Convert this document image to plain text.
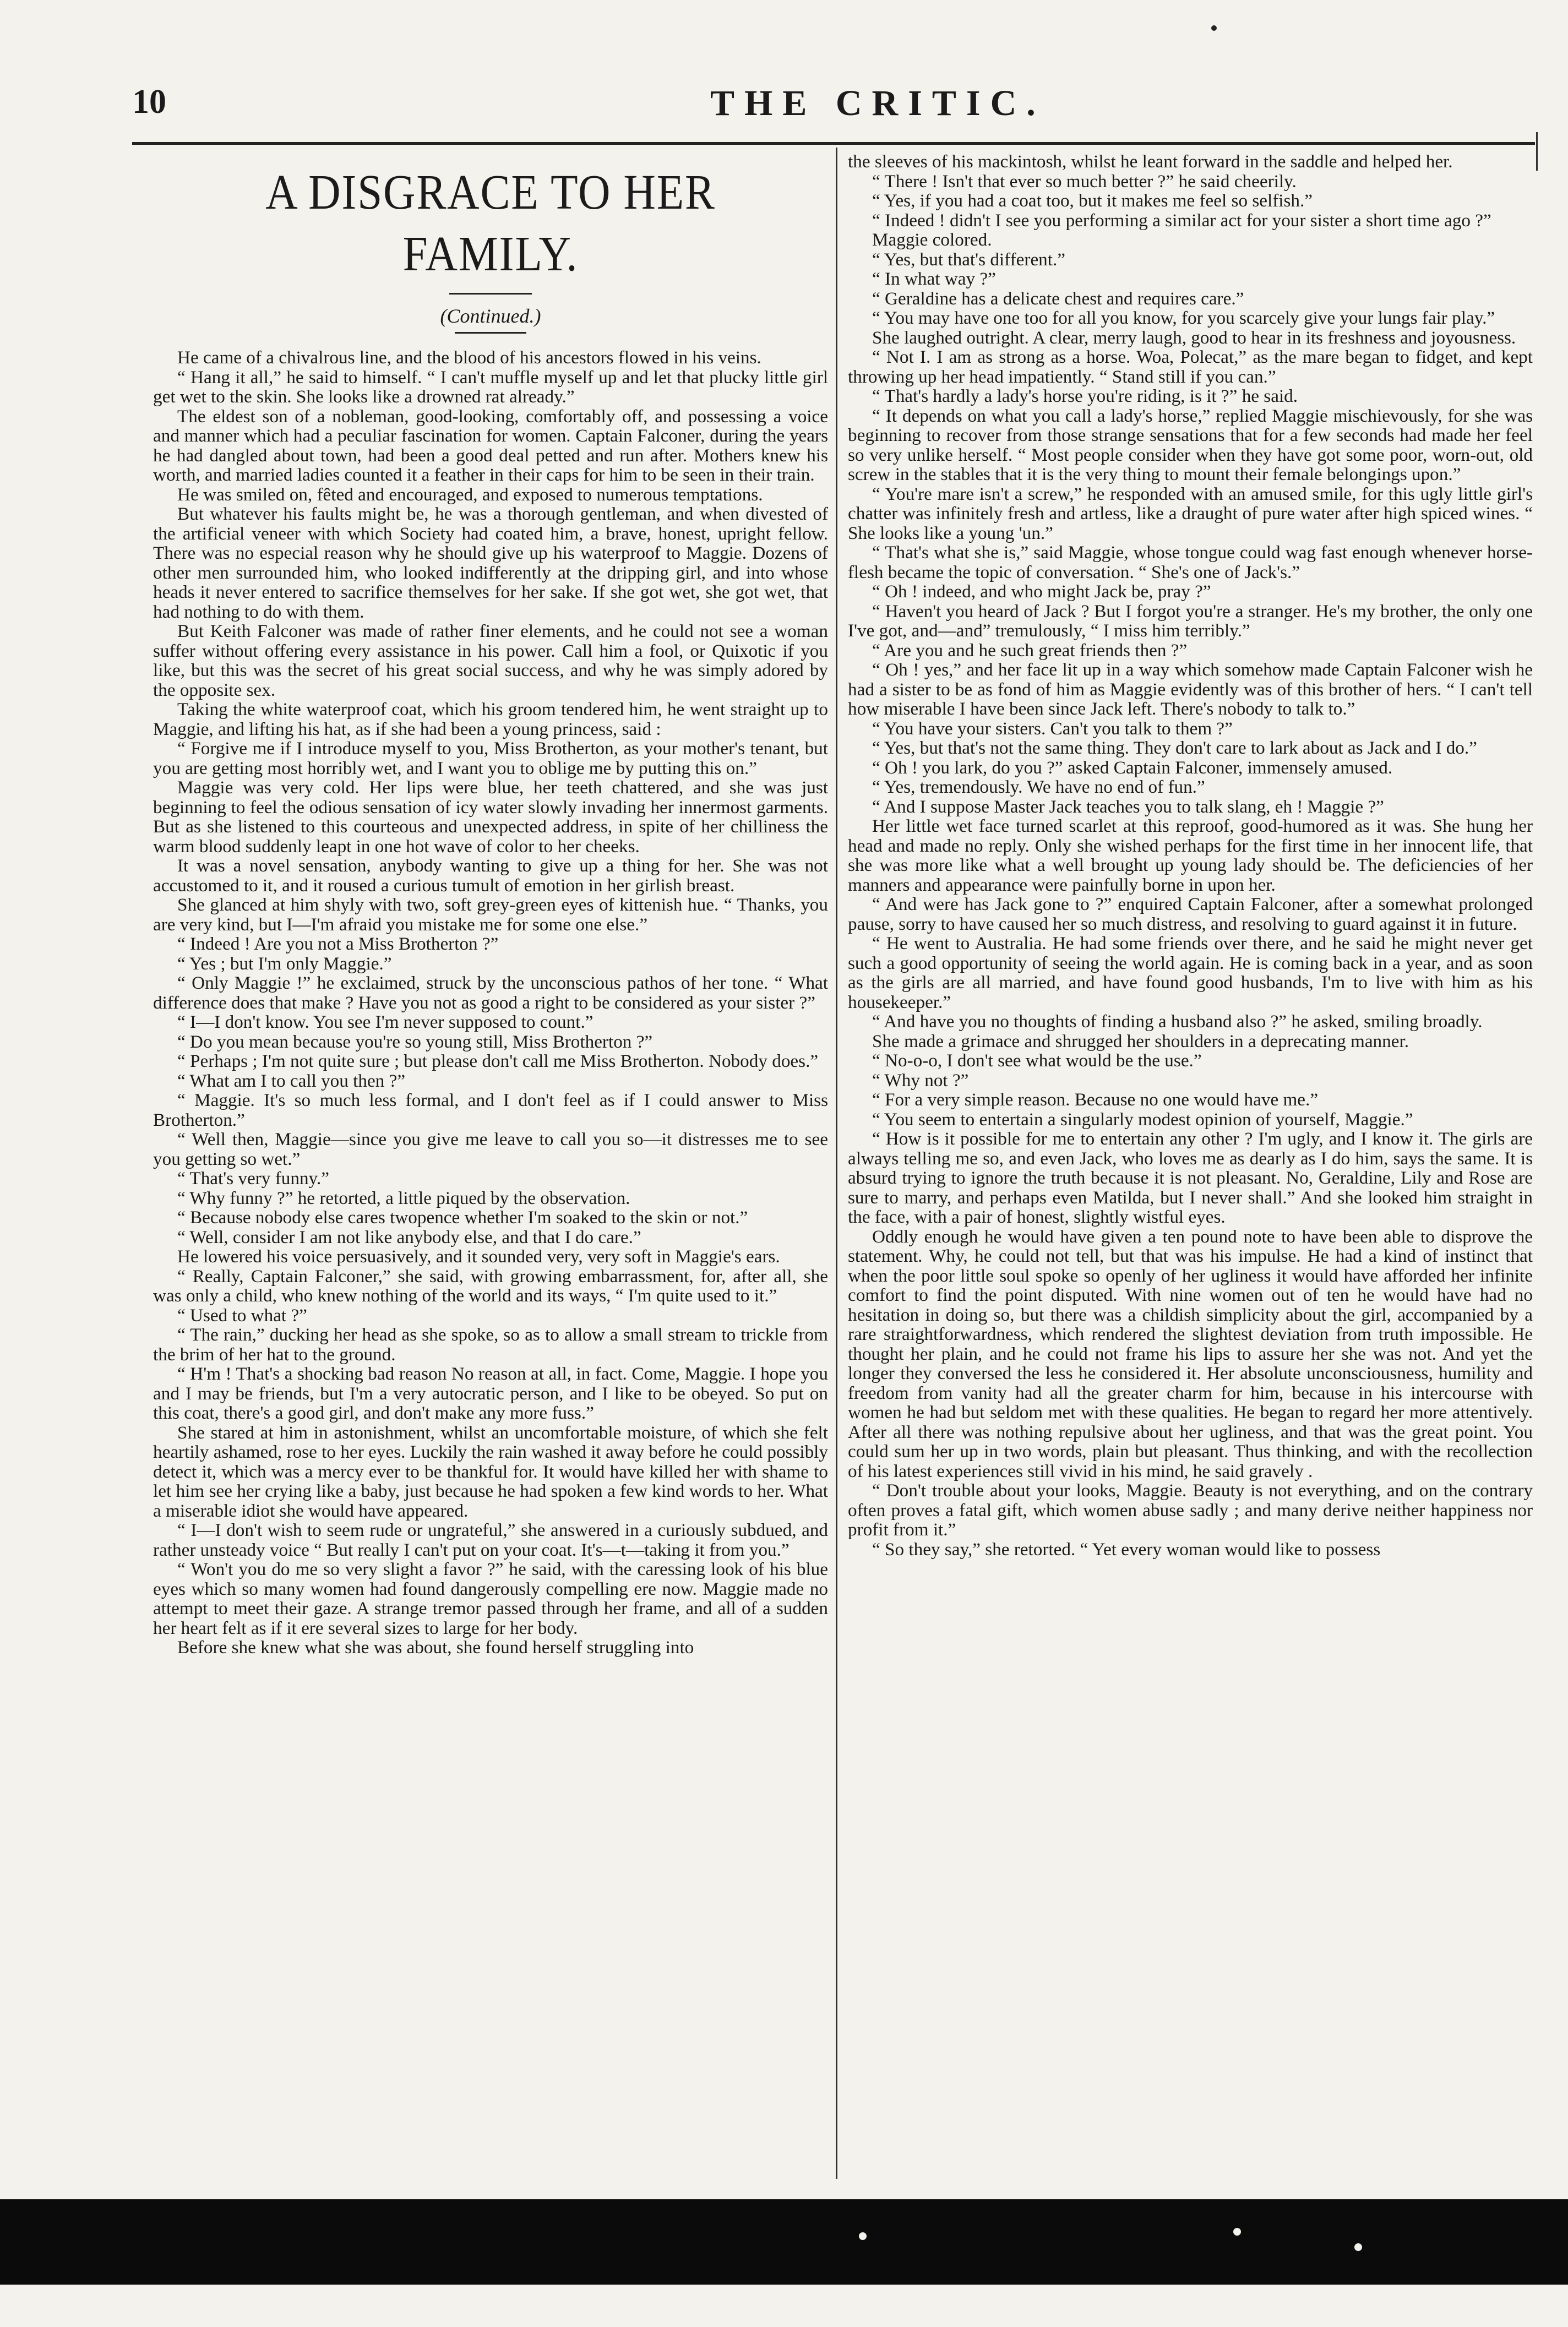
10	THE CRITIC.
A DISGRACE TO HER FAMILY.
(Continued.)

He came of a chivalrous line, and the blood of his ancestors flowed in his veins.

“ Hang it all,” he said to himself. “ I can't muffle myself up and let that plucky little girl get wet to the skin. She looks like a drowned rat already.”

The eldest son of a nobleman, good-looking, comfortably off, and possessing a voice and manner which had a peculiar fascination for women. Captain Falconer, during the years he had dangled about town, had been a good deal petted and run after. Mothers knew his worth, and married ladies counted it a feather in their caps for him to be seen in their train.

He was smiled on, fêted and encouraged, and exposed to numerous temptations.

But whatever his faults might be, he was a thorough gentleman, and when divested of the artificial veneer with which Society had coated him, a brave, honest, upright fellow. There was no especial reason why he should give up his waterproof to Maggie. Dozens of other men surrounded him, who looked indifferently at the dripping girl, and into whose heads it never entered to sacrifice themselves for her sake. If she got wet, she got wet, that had nothing to do with them.

But Keith Falconer was made of rather finer elements, and he could not see a woman suffer without offering every assistance in his power. Call him a fool, or Quixotic if you like, but this was the secret of his great social success, and why he was simply adored by the opposite sex.

Taking the white waterproof coat, which his groom tendered him, he went straight up to Maggie, and lifting his hat, as if she had been a young princess, said :

“ Forgive me if I introduce myself to you, Miss Brotherton, as your mother's tenant, but you are getting most horribly wet, and I want you to oblige me by putting this on.”

Maggie was very cold. Her lips were blue, her teeth chattered, and she was just beginning to feel the odious sensation of icy water slowly invading her innermost garments. But as she listened to this courteous and unexpected address, in spite of her chilliness the warm blood suddenly leapt in one hot wave of color to her cheeks.

It was a novel sensation, anybody wanting to give up a thing for her. She was not accustomed to it, and it roused a curious tumult of emotion in her girlish breast.

She glanced at him shyly with two, soft grey-green eyes of kittenish hue. “ Thanks, you are very kind, but I—I'm afraid you mistake me for some one else.”

“ Indeed ! Are you not a Miss Brotherton ?”

“ Yes ; but I'm only Maggie.”

“ Only Maggie !” he exclaimed, struck by the unconscious pathos of her tone. “ What difference does that make ? Have you not as good a right to be considered as your sister ?”

“ I—I don't know. You see I'm never supposed to count.”

“ Do you mean because you're so young still, Miss Brotherton ?”

“ Perhaps ; I'm not quite sure ; but please don't call me Miss Brotherton. Nobody does.”

“ What am I to call you then ?”

“ Maggie. It's so much less formal, and I don't feel as if I could answer to Miss Brotherton.”

“ Well then, Maggie—since you give me leave to call you so—it distresses me to see you getting so wet.”

“ That's very funny.”

“ Why funny ?” he retorted, a little piqued by the observation.

“ Because nobody else cares twopence whether I'm soaked to the skin or not.”

“ Well, consider I am not like anybody else, and that I do care.”

He lowered his voice persuasively, and it sounded very, very soft in Maggie's ears.

“ Really, Captain Falconer,” she said, with growing embarrassment, for, after all, she was only a child, who knew nothing of the world and its ways, “ I'm quite used to it.”

“ Used to what ?”

“ The rain,” ducking her head as she spoke, so as to allow a small stream to trickle from the brim of her hat to the ground.

“ H'm ! That's a shocking bad reason No reason at all, in fact. Come, Maggie. I hope you and I may be friends, but I'm a very autocratic person, and I like to be obeyed. So put on this coat, there's a good girl, and don't make any more fuss.”

She stared at him in astonishment, whilst an uncomfortable moisture, of which she felt heartily ashamed, rose to her eyes. Luckily the rain washed it away before he could possibly detect it, which was a mercy ever to be thankful for. It would have killed her with shame to let him see her crying like a baby, just because he had spoken a few kind words to her. What a miserable idiot she would have appeared.

“ I—I don't wish to seem rude or ungrateful,” she answered in a curiously subdued, and rather unsteady voice “ But really I can't put on your coat. It's—t—taking it from you.”

“ Won't you do me so very slight a favor ?” he said, with the caressing look of his blue eyes which so many women had found dangerously compelling ere now. Maggie made no attempt to meet their gaze. A strange tremor passed through her frame, and all of a sudden her heart felt as if it ere several sizes to large for her body.

Before she knew what she was about, she found herself struggling into

the sleeves of his mackintosh, whilst he leant forward in the saddle and helped her.

“ There ! Isn't that ever so much better ?” he said cheerily.

“ Yes, if you had a coat too, but it makes me feel so selfish.”

“ Indeed ! didn't I see you performing a similar act for your sister a short time ago ?”

Maggie colored.

“ Yes, but that's different.”

“ In what way ?”

“ Geraldine has a delicate chest and requires care.”

“ You may have one too for all you know, for you scarcely give your lungs fair play.”

She laughed outright. A clear, merry laugh, good to hear in its freshness and joyousness.

“ Not I. I am as strong as a horse. Woa, Polecat,” as the mare began to fidget, and kept throwing up her head impatiently. “ Stand still if you can.”

“ That's hardly a lady's horse you're riding, is it ?” he said.

“ It depends on what you call a lady's horse,” replied Maggie mischievously, for she was beginning to recover from those strange sensations that for a few seconds had made her feel so very unlike herself. “ Most people consider when they have got some poor, worn-out, old screw in the stables that it is the very thing to mount their female belongings upon.”

“ You're mare isn't a screw,” he responded with an amused smile, for this ugly little girl's chatter was infinitely fresh and artless, like a draught of pure water after high spiced wines. “ She looks like a young 'un.”

“ That's what she is,” said Maggie, whose tongue could wag fast enough whenever horse-flesh became the topic of conversation. “ She's one of Jack's.”

“ Oh ! indeed, and who might Jack be, pray ?”

“ Haven't you heard of Jack ? But I forgot you're a stranger. He's my brother, the only one I've got, and—and” tremulously, “ I miss him terribly.”

“ Are you and he such great friends then ?”

“ Oh ! yes,” and her face lit up in a way which somehow made Captain Falconer wish he had a sister to be as fond of him as Maggie evidently was of this brother of hers. “ I can't tell how miserable I have been since Jack left. There's nobody to talk to.”

“ You have your sisters. Can't you talk to them ?”

“ Yes, but that's not the same thing. They don't care to lark about as Jack and I do.”

“ Oh ! you lark, do you ?” asked Captain Falconer, immensely amused.

“ Yes, tremendously. We have no end of fun.”

“ And I suppose Master Jack teaches you to talk slang, eh ! Maggie ?”

Her little wet face turned scarlet at this reproof, good-humored as it was. She hung her head and made no reply. Only she wished perhaps for the first time in her innocent life, that she was more like what a well brought up young lady should be. The deficiencies of her manners and appearance were painfully borne in upon her.

“ And were has Jack gone to ?” enquired Captain Falconer, after a somewhat prolonged pause, sorry to have caused her so much distress, and resolving to guard against it in future.

“ He went to Australia. He had some friends over there, and he said he might never get such a good opportunity of seeing the world again. He is coming back in a year, and as soon as the girls are all married, and have found good husbands, I'm to live with him as his housekeeper.”

“ And have you no thoughts of finding a husband also ?” he asked, smiling broadly.

She made a grimace and shrugged her shoulders in a deprecating manner.

“ No-o-o, I don't see what would be the use.”

“ Why not ?”

“ For a very simple reason. Because no one would have me.”

“ You seem to entertain a singularly modest opinion of yourself, Maggie.”

“ How is it possible for me to entertain any other ? I'm ugly, and I know it. The girls are always telling me so, and even Jack, who loves me as dearly as I do him, says the same. It is absurd trying to ignore the truth because it is not pleasant. No, Geraldine, Lily and Rose are sure to marry, and perhaps even Matilda, but I never shall.” And she looked him straight in the face, with a pair of honest, slightly wistful eyes.

Oddly enough he would have given a ten pound note to have been able to disprove the statement. Why, he could not tell, but that was his impulse. He had a kind of instinct that when the poor little soul spoke so openly of her ugliness it would have afforded her infinite comfort to find the point disputed. With nine women out of ten he would have had no hesitation in doing so, but there was a childish simplicity about the girl, accompanied by a rare straightforwardness, which rendered the slightest deviation from truth impossible. He thought her plain, and he could not frame his lips to assure her she was not. And yet the longer they conversed the less he considered it. Her absolute unconsciousness, humility and freedom from vanity had all the greater charm for him, because in his intercourse with women he had but seldom met with these qualities. He began to regard her more attentively. After all there was nothing repulsive about her ugliness, and that was the great point. You could sum her up in two words, plain but pleasant. Thus thinking, and with the recollection of his latest experiences still vivid in his mind, he said gravely .

“ Don't trouble about your looks, Maggie. Beauty is not everything, and on the contrary often proves a fatal gift, which women abuse sadly ; and many derive neither happiness nor profit from it.”

“ So they say,” she retorted. “ Yet every woman would like to possess
